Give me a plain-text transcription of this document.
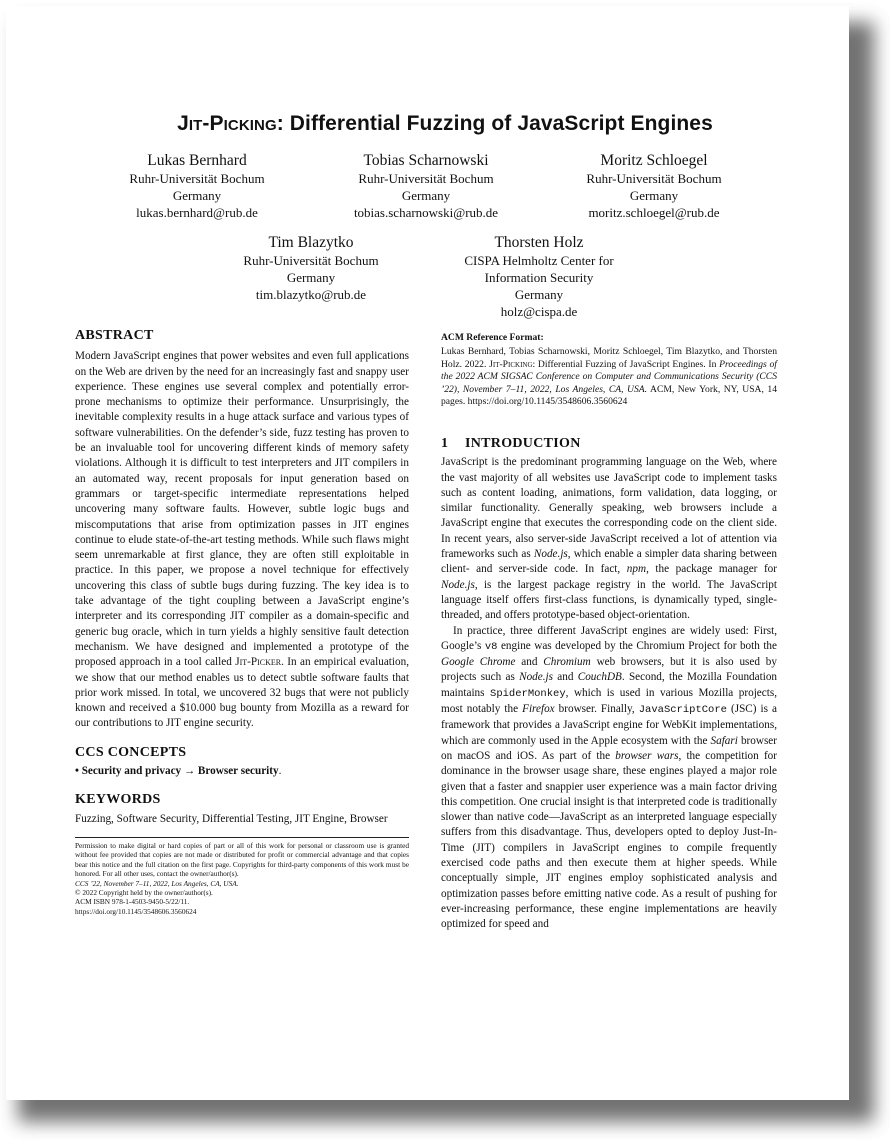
Jit-Picking: Differential Fuzzing of JavaScript Engines
Lukas Bernhard
Ruhr-Universität Bochum
Germany
lukas.bernhard@rub.de
Tobias Scharnowski
Ruhr-Universität Bochum
Germany
tobias.scharnowski@rub.de
Moritz Schloegel
Ruhr-Universität Bochum
Germany
moritz.schloegel@rub.de
Tim Blazytko
Ruhr-Universität Bochum
Germany
tim.blazytko@rub.de
Thorsten Holz
CISPA Helmholtz Center for
Information Security
Germany
holz@cispa.de
ABSTRACT

Modern JavaScript engines that power websites and even full applications on the Web are driven by the need for an increasingly fast and snappy user experience. These engines use several complex and potentially error-prone mechanisms to optimize their performance. Unsurprisingly, the inevitable complexity results in a huge attack surface and various types of software vulnerabilities. On the defender’s side, fuzz testing has proven to be an invaluable tool for uncovering different kinds of memory safety violations. Although it is difficult to test interpreters and JIT compilers in an automated way, recent proposals for input generation based on grammars or target-specific intermediate representations helped uncovering many software faults. However, subtle logic bugs and miscomputations that arise from optimization passes in JIT engines continue to elude state-of-the-art testing methods. While such flaws might seem unremarkable at first glance, they are often still exploitable in practice. In this paper, we propose a novel technique for effectively uncovering this class of subtle bugs during fuzzing. The key idea is to take advantage of the tight coupling between a JavaScript engine’s interpreter and its corresponding JIT compiler as a domain-specific and generic bug oracle, which in turn yields a highly sensitive fault detection mechanism. We have designed and implemented a prototype of the proposed approach in a tool called Jit-Picker. In an empirical evaluation, we show that our method enables us to detect subtle software faults that prior work missed. In total, we uncovered 32 bugs that were not publicly known and received a $10.000 bug bounty from Mozilla as a reward for our contributions to JIT engine security.

CCS CONCEPTS

• Security and privacy → Browser security.

KEYWORDS

Fuzzing, Software Security, Differential Testing, JIT Engine, Browser

Permission to make digital or hard copies of part or all of this work for personal or classroom use is granted without fee provided that copies are not made or distributed for profit or commercial advantage and that copies bear this notice and the full citation on the first page. Copyrights for third-party components of this work must be honored. For all other uses, contact the owner/author(s).
CCS ’22, November 7–11, 2022, Los Angeles, CA, USA.
© 2022 Copyright held by the owner/author(s).
ACM ISBN 978-1-4503-9450-5/22/11.
https://doi.org/10.1145/3548606.3560624
ACM Reference Format:

Lukas Bernhard, Tobias Scharnowski, Moritz Schloegel, Tim Blazytko, and Thorsten Holz. 2022. Jit-Picking: Differential Fuzzing of JavaScript Engines. In Proceedings of the 2022 ACM SIGSAC Conference on Computer and Communications Security (CCS ’22), November 7–11, 2022, Los Angeles, CA, USA. ACM, New York, NY, USA, 14 pages. https://doi.org/10.1145/3548606.3560624

1 INTRODUCTION

JavaScript is the predominant programming language on the Web, where the vast majority of all websites use JavaScript code to implement tasks such as content loading, animations, form validation, data logging, or similar functionality. Generally speaking, web browsers include a JavaScript engine that executes the corresponding code on the client side. In recent years, also server-side JavaScript received a lot of attention via frameworks such as Node.js, which enable a simpler data sharing between client- and server-side code. In fact, npm, the package manager for Node.js, is the largest package registry in the world. The JavaScript language itself offers first-class functions, is dynamically typed, single-threaded, and offers prototype-based object-orientation.

In practice, three different JavaScript engines are widely used: First, Google’s v8 engine was developed by the Chromium Project for both the Google Chrome and Chromium web browsers, but it is also used by projects such as Node.js and CouchDB. Second, the Mozilla Foundation maintains SpiderMonkey, which is used in various Mozilla projects, most notably the Firefox browser. Finally, JavaScriptCore (JSC) is a framework that provides a JavaScript engine for WebKit implementations, which are commonly used in the Apple ecosystem with the Safari browser on macOS and iOS. As part of the browser wars, the competition for dominance in the browser usage share, these engines played a major role given that a faster and snappier user experience was a main factor driving this competition. One crucial insight is that interpreted code is traditionally slower than native code—JavaScript as an interpreted language especially suffers from this disadvantage. Thus, developers opted to deploy Just-In-Time (JIT) compilers in JavaScript engines to compile frequently exercised code paths and then execute them at higher speeds. While conceptually simple, JIT engines employ sophisticated analysis and optimization passes before emitting native code. As a result of pushing for ever-increasing performance, these engine implementations are heavily optimized for speed and
